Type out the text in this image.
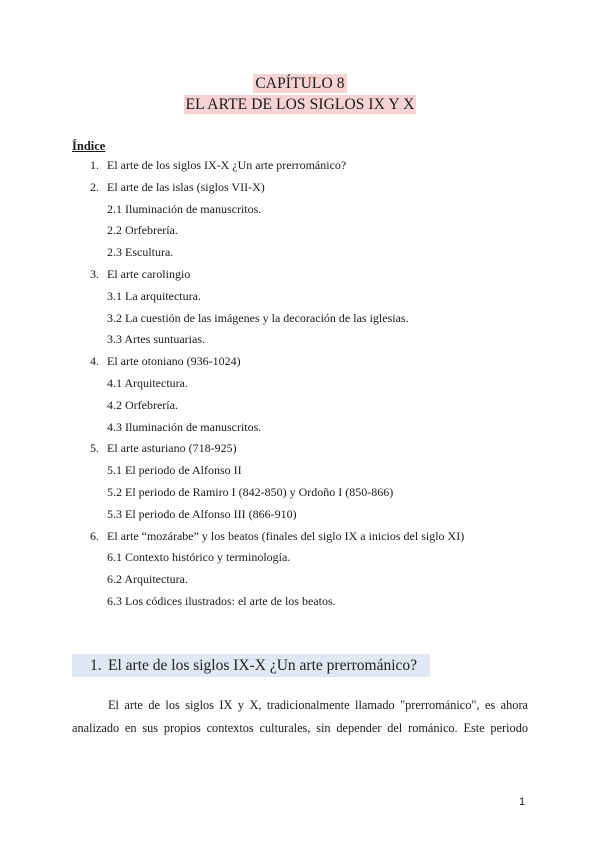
CAPÍTULO 8
EL ARTE DE LOS SIGLOS IX Y X
Índice
1. El arte de los siglos IX-X ¿Un arte prerrománico?
2. El arte de las islas (siglos VII-X)
2.1 Iluminación de manuscritos.
2.2 Orfebrería.
2.3 Escultura.
3. El arte carolingio
3.1 La arquitectura.
3.2 La cuestión de las imágenes y la decoración de las iglesias.
3.3 Artes suntuarias.
4. El arte otoniano (936-1024)
4.1 Arquitectura.
4.2 Orfebrería.
4.3 Iluminación de manuscritos.
5. El arte asturiano (718-925)
5.1 El periodo de Alfonso II
5.2 El periodo de Ramiro I (842-850) y Ordoño I (850-866)
5.3 El periodo de Alfonso III (866-910)
6. El arte “mozárabe” y los beatos (finales del siglo IX a inicios del siglo XI)
6.1 Contexto histórico y terminología.
6.2 Arquitectura.
6.3 Los códices ilustrados: el arte de los beatos.
1. El arte de los siglos IX-X ¿Un arte prerrománico?
El arte de los siglos IX y X, tradicionalmente llamado "prerrománico", es ahora
analizado en sus propios contextos culturales, sin depender del románico. Este periodo
1
